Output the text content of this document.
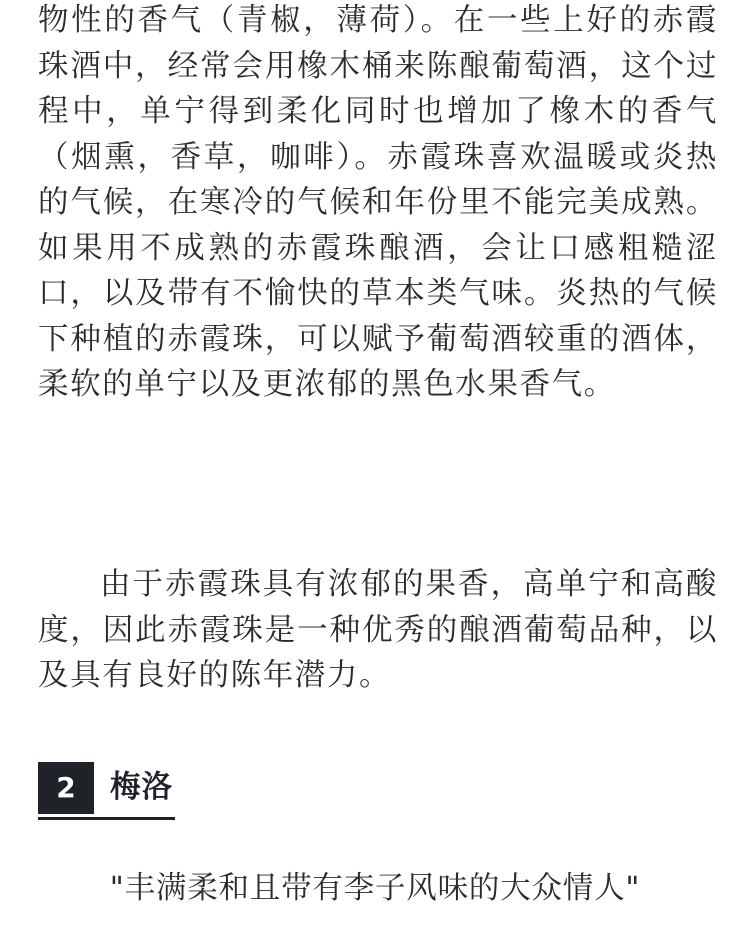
物性的香气（青椒，薄荷）。在一些上好的赤霞珠酒中，经常会用橡木桶来陈酿葡萄酒，这个过程中，单宁得到柔化同时也增加了橡木的香气（烟熏，香草，咖啡）。赤霞珠喜欢温暖或炎热的气候，在寒冷的气候和年份里不能完美成熟。如果用不成熟的赤霞珠酿酒，会让口感粗糙涩口，以及带有不愉快的草本类气味。炎热的气候下种植的赤霞珠，可以赋予葡萄酒较重的酒体，柔软的单宁以及更浓郁的黑色水果香气。

由于赤霞珠具有浓郁的果香，高单宁和高酸度，因此赤霞珠是一种优秀的酿酒葡萄品种，以及具有良好的陈年潜力。

2	梅洛
"丰满柔和且带有李子风味的大众情人"
